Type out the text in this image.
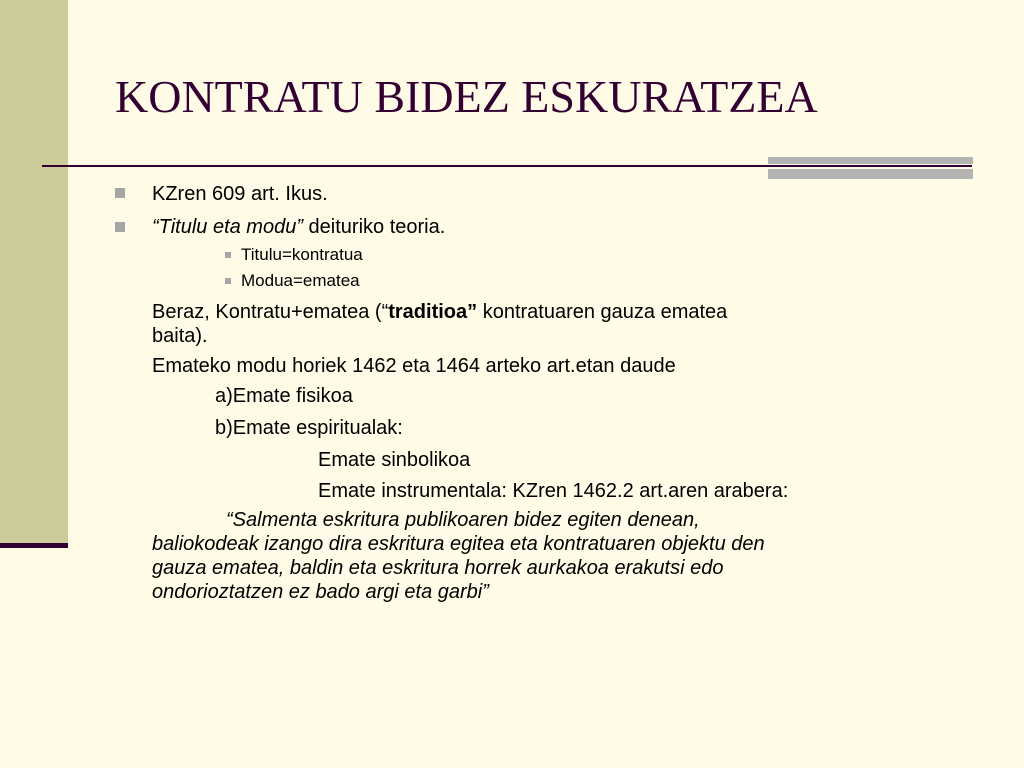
KONTRATU BIDEZ ESKURATZEA
KZren 609 art. Ikus.
“Titulu eta modu” deituriko teoria.
Titulu=kontratua
Modua=ematea
Beraz, Kontratu+ematea (“traditioa” kontratuaren gauza ematea
baita).
Emateko modu horiek 1462 eta 1464 arteko art.etan daude
a)Emate fisikoa
b)Emate espiritualak:
Emate sinbolikoa
Emate instrumentala: KZren 1462.2 art.aren arabera:
“Salmenta eskritura publikoaren bidez egiten denean,
baliokodeak izango dira eskritura egitea eta kontratuaren objektu den
gauza ematea, baldin eta eskritura horrek aurkakoa erakutsi edo
ondorioztatzen ez bado argi eta garbi”
